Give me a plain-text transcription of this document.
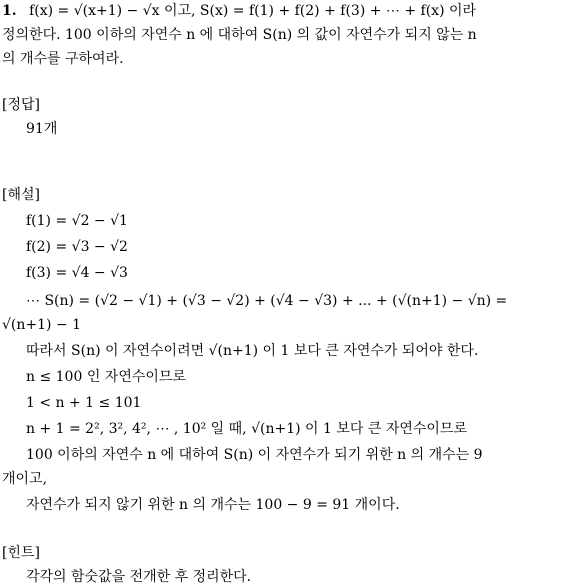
1. f(x) = √(x+1) − √x 이고, S(x) = f(1) + f(2) + f(3) + ⋯ + f(x) 이라
정의한다. 100 이하의 자연수 n 에 대하여 S(n) 의 값이 자연수가 되지 않는 n
의 개수를 구하여라.
[정답]
91개
[해설]
f(1) = √2 − √1
f(2) = √3 − √2
f(3) = √4 − √3
⋯ S(n) = (√2 − √1) + (√3 − √2) + (√4 − √3) + ... + (√(n+1) − √n) =
√(n+1) − 1
따라서 S(n) 이 자연수이려면 √(n+1) 이 1 보다 큰 자연수가 되어야 한다.
n ≤ 100 인 자연수이므로
1 < n + 1 ≤ 101
n + 1 = 2², 3², 4², ⋯ , 10² 일 때, √(n+1) 이 1 보다 큰 자연수이므로
100 이하의 자연수 n 에 대하여 S(n) 이 자연수가 되기 위한 n 의 개수는 9
개이고,
자연수가 되지 않기 위한 n 의 개수는 100 − 9 = 91 개이다.
[힌트]
각각의 함숫값을 전개한 후 정리한다.
